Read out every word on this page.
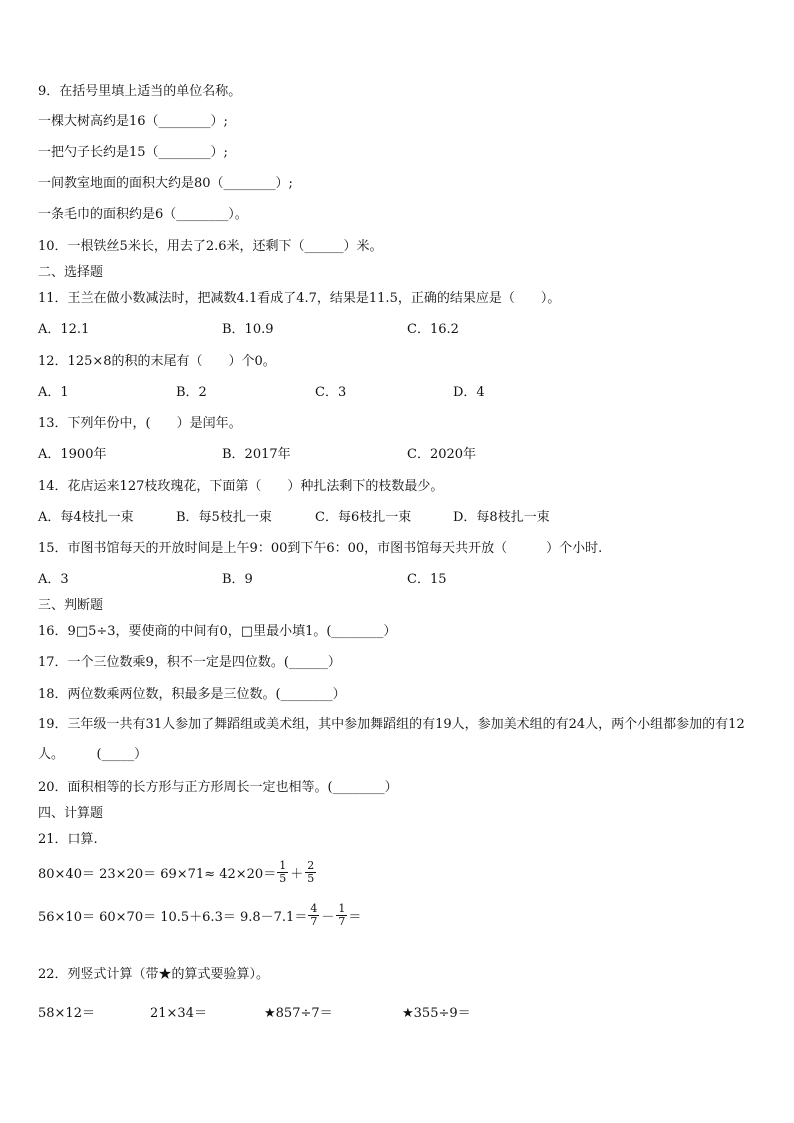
9．在括号里填上适当的单位名称。
一棵大树高约是16（________）;
一把勺子长约是15（________）;
一间教室地面的面积大约是80（________）;
一条毛巾的面积约是6（________）。
10．一根铁丝5米长，用去了2.6米，还剩下（______）米。
二、选择题
11．王兰在做小数减法时，把减数4.1看成了4.7，结果是11.5，正确的结果应是（　　）。
A．12.1	B．10.9	C．16.2
12．125×8的积的末尾有（　　）个0。
A．1	B．2	C．3	D．4
13．下列年份中，(　　）是闰年。
A．1900年	B．2017年	C．2020年
14．花店运来127枝玫瑰花，下面第（　　）种扎法剩下的枝数最少。
A．每4枝扎一束	B．每5枝扎一束	C．每6枝扎一束	D．每8枝扎一束
15．市图书馆每天的开放时间是上午9：00到下午6：00，市图书馆每天共开放（　　　）个小时.
A．3	B．9	C．15
三、判断题
16．9□5÷3，要使商的中间有0，□里最小填1。(________）
17．一个三位数乘9，积不一定是四位数。(______）
18．两位数乘两位数，积最多是三位数。(________）
19．三年级一共有31人参加了舞蹈组或美术组，其中参加舞蹈组的有19人，参加美术组的有24人，两个小组都参加的有12人。　　　(_____）
20．面积相等的长方形与正方形周长一定也相等。(________）
四、计算题
21．口算.
$80\times 40= 23\times 20= 69\times 71\approx 42\times 20= \frac{1}{5} + \frac{2}{5}$
$56\times 10= 60\times 70= 10.5+6.3= 9.8-7.1= \frac{4}{7} - \frac{1}{7}$ ＝
22．列竖式计算（带★的算式要验算）。
58×12＝	21×34＝	★857÷7＝	★355÷9＝
